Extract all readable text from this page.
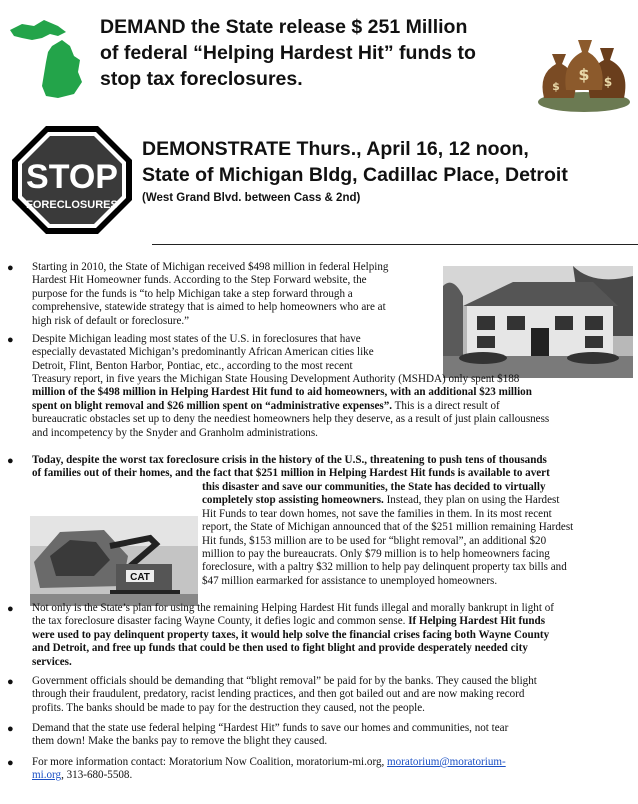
DEMAND the State release $ 251 Million
of federal “Helping Hardest Hit” funds to
stop tax foreclosures.	$
$	$
STOP
FORECLOSURES
DEMONSTRATE Thurs., April 16, 12 noon,
State of Michigan Bldg, Cadillac Place, Detroit
(West Grand Blvd. between Cass & 2nd)
CAT
● Starting in 2010, the State of Michigan received $498 million in federal Helping
Hardest Hit Homeowner funds. According to the Step Forward website, the
purpose for the funds is “to help Michigan take a step forward through a
comprehensive, statewide strategy that is aimed to help homeowners who are at
high risk of default or foreclosure.”
● Despite Michigan leading most states of the U.S. in foreclosures that have
especially devastated Michigan’s predominantly African American cities like
Detroit, Flint, Benton Harbor, Pontiac, etc., according to the most recent
Treasury report, in five years the Michigan State Housing Development Authority (MSHDA) only spent $188
million of the $498 million in Helping Hardest Hit fund to aid homeowners, with an additional $23 million
spent on blight removal and $26 million spent on “administrative expenses”. This is a direct result of
bureaucratic obstacles set up to deny the neediest homeowners help they deserve, as a result of just plain callousness
and incompetency by the Snyder and Granholm administrations.
● Today, despite the worst tax foreclosure crisis in the history of the U.S., threatening to push tens of thousands
of families out of their homes, and the fact that $251 million in Helping Hardest Hit funds is available to avert
this disaster and save our communities, the State has decided to virtually
completely stop assisting homeowners. Instead, they plan on using the Hardest
Hit Funds to tear down homes, not save the families in them. In its most recent
report, the State of Michigan announced that of the $251 million remaining Hardest
Hit funds, $153 million are to be used for “blight removal”, an additional $20
million to pay the bureaucrats. Only $79 million is to help homeowners facing
foreclosure, with a paltry $32 million to help pay delinquent property tax bills and
$47 million earmarked for assistance to unemployed homeowners.
● Not only is the State’s plan for using the remaining Helping Hardest Hit funds illegal and morally bankrupt in light of
the tax foreclosure disaster facing Wayne County, it defies logic and common sense. If Helping Hardest Hit funds
were used to pay delinquent property taxes, it would help solve the financial crises facing both Wayne County
and Detroit, and free up funds that could be then used to fight blight and provide desperately needed city
services.
● Government officials should be demanding that “blight removal” be paid for by the banks. They caused the blight
through their fraudulent, predatory, racist lending practices, and then got bailed out and are now making record
profits. The banks should be made to pay for the destruction they caused, not the people.
● Demand that the state use federal helping “Hardest Hit” funds to save our homes and communities, not tear
them down! Make the banks pay to remove the blight they caused.
● For more information contact: Moratorium Now Coalition, moratorium-mi.org, moratorium@moratorium-
mi.org, 313-680-5508.
